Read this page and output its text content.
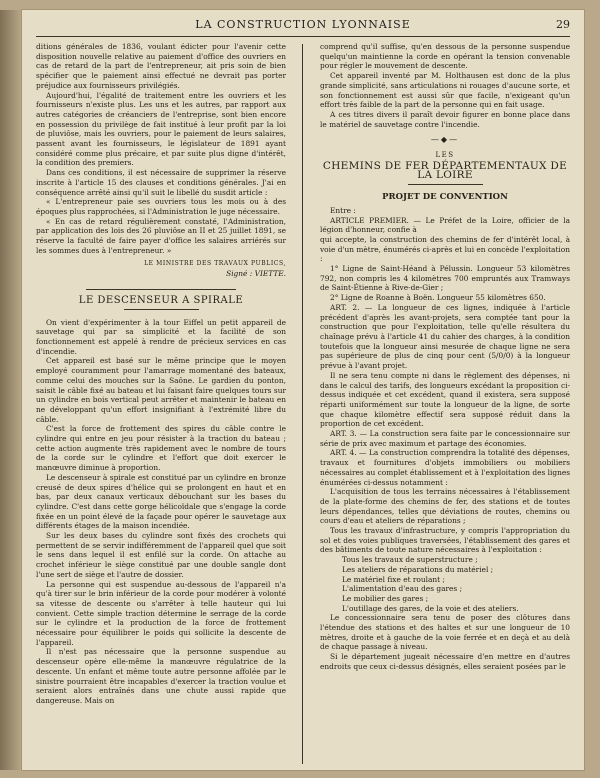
LA CONSTRUCTION LYONNAISE	29

ditions générales de 1836, voulant édicter pour l'avenir cette disposition nouvelle relative au paiement d'office des ouvriers en cas de retard de la part de l'entrepreneur, ait pris soin de bien spécifier que le paiement ainsi effectué ne devrait pas porter préjudice aux fournisseurs privilégiés.

Aujourd'hui, l'égalité de traitement entre les ouvriers et les fournisseurs n'existe plus. Les uns et les autres, par rapport aux autres catégories de créanciers de l'entreprise, sont bien encore en possession du privilège de fait institué à leur profit par la loi de pluviôse, mais les ouvriers, pour le paiement de leurs salaires, passent avant les fournisseurs, le législateur de 1891 ayant considéré comme plus précaire, et par suite plus digne d'intérêt, la condition des premiers.

Dans ces conditions, il est nécessaire de supprimer la réserve inscrite à l'article 15 des clauses et conditions générales. J'ai en conséquence arrêté ainsi qu'il suit le libellé du susdit article :

« L'entrepreneur paie ses ouvriers tous les mois ou à des époques plus rapprochées, si l'Administration le juge nécessaire.

« En cas de retard régulièrement constaté, l'Administration, par application des lois des 26 pluviôse an II et 25 juillet 1891, se réserve la faculté de faire payer d'office les salaires arriérés sur les sommes dues à l'entrepreneur. »

LE MINISTRE DES TRAVAUX PUBLICS,
Signé : VIETTE.
LE DESCENSEUR A SPIRALE

On vient d'expérimenter à la tour Eiffel un petit appareil de sauvetage qui par sa simplicité et la facilité de son fonctionnement est appelé à rendre de précieux services en cas d'incendie.

Cet appareil est basé sur le même principe que le moyen employé couramment pour l'amarrage momentané des bateaux, comme celui des mouches sur la Saône. Le gardien du ponton, saisit le câble fixé au bateau et lui faisant faire quelques tours sur un cylindre en bois vertical peut arrêter et maintenir le bateau en ne développant qu'un effort insignifiant à l'extrémité libre du câble.

C'est la force de frottement des spires du câble contre le cylindre qui entre en jeu pour résister à la traction du bateau ; cette action augmente très rapidement avec le nombre de tours de la corde sur le cylindre et l'effort que doit exercer le manœuvre diminue à proportion.

Le descenseur à spirale est constitué par un cylindre en bronze creusé de deux spires d'hélice qui se prolongent en haut et en bas, par deux canaux verticaux débouchant sur les bases du cylindre. C'est dans cette gorge hélicoïdale que s'engage la corde fixée en un point élevé de la façade pour opérer le sauvetage aux différents étages de la maison incendiée.

Sur les deux bases du cylindre sont fixés des crochets qui permettent de se servir indifféremment de l'appareil quel que soit le sens dans lequel il est enfilé sur la corde. On attache au crochet inférieur le siège constitué par une double sangle dont l'une sert de siège et l'autre de dossier.

La personne qui est suspendue au-dessous de l'appareil n'a qu'à tirer sur le brin inférieur de la corde pour modérer à volonté sa vitesse de descente ou s'arrêter à telle hauteur qui lui convient. Cette simple traction détermine le serrage de la corde sur le cylindre et la production de la force de frottement nécessaire pour équilibrer le poids qui sollicite la descente de l'appareil.

Il n'est pas nécessaire que la personne suspendue au descenseur opère elle-même la manœuvre régulatrice de la descente. Un enfant et même toute autre personne affolée par le sinistre pourraient être incapables d'exercer la traction voulue et seraient alors entraînés dans une chute aussi rapide que dangereuse. Mais on

comprend qu'il suffise, qu'en dessous de la personne suspendue quelqu'un maintienne la corde en opérant la tension convenable pour régler le mouvement de descente.

Cet appareil inventé par M. Holthausen est donc de la plus grande simplicité, sans articulations ni rouages d'aucune sorte, et son fonctionnement est aussi sûr que facile, n'exigeant qu'un effort très faible de la part de la personne qui en fait usage.

A ces titres divers il paraît devoir figurer en bonne place dans le matériel de sauvetage contre l'incendie.

—◆—
LES
CHEMINS DE FER DÉPARTEMENTAUX DE LA LOIRE
PROJET DE CONVENTION

Entre :

ARTICLE PREMIER. — Le Préfet de la Loire, officier de la légion d'honneur, confie à

qui accepte, la construction des chemins de fer d'intérêt local, à voie d'un mètre, énumérés ci-après et lui en concède l'exploitation :

1° Ligne de Saint-Héand à Pélussin. Longueur 53 kilomètres 792, non compris les 4 kilomètres 700 empruntés aux Tramways de Saint-Étienne à Rive-de-Gier ;

2° Ligne de Roanne à Boën. Longueur 55 kilomètres 650.

ART. 2. — La longueur de ces lignes, indiquée à l'article précédent d'après les avant-projets, sera comptée tant pour la construction que pour l'exploitation, telle qu'elle résultera du chaînage prévu à l'article 41 du cahier des charges, à la condition toutefois que la longueur ainsi mesurée de chaque ligne ne sera pas supérieure de plus de cinq pour cent (5/0/0) à la longueur prévue à l'avant projet.

Il ne sera tenu compte ni dans le règlement des dépenses, ni dans le calcul des tarifs, des longueurs excédant la proposition ci-dessus indiquée et cet excédent, quand il existera, sera supposé réparti uniformément sur toute la longueur de la ligne, de sorte que chaque kilomètre effectif sera supposé réduit dans la proportion de cet excédent.

ART. 3. — La construction sera faite par le concessionnaire sur série de prix avec maximum et partage des économies.

ART. 4. — La construction comprendra la totalité des dépenses, travaux et fournitures d'objets immobiliers ou mobiliers nécessaires au complet établissement et à l'exploitation des lignes énumérées ci-dessus notamment :

L'acquisition de tous les terrains nécessaires à l'établissement de la plate-forme des chemins de fer, des stations et de toutes leurs dépendances, telles que déviations de routes, chemins ou cours d'eau et ateliers de réparations ;

Tous les travaux d'infrastructure, y compris l'appropriation du sol et des voies publiques traversées, l'établissement des gares et des bâtiments de toute nature nécessaires à l'exploitation :

Tous les travaux de superstructure ;

Les ateliers de réparations du matériel ;

Le matériel fixe et roulant ;

L'alimentation d'eau des gares ;

Le mobilier des gares ;

L'outillage des gares, de la voie et des ateliers.

Le concessionnaire sera tenu de poser des clôtures dans l'étendue des stations et des haltes et sur une longueur de 10 mètres, droite et à gauche de la voie ferrée et en deçà et au delà de chaque passage à niveau.

Si le département jugeait nécessaire d'en mettre en d'autres endroits que ceux ci-dessus désignés, elles seraient posées par le
